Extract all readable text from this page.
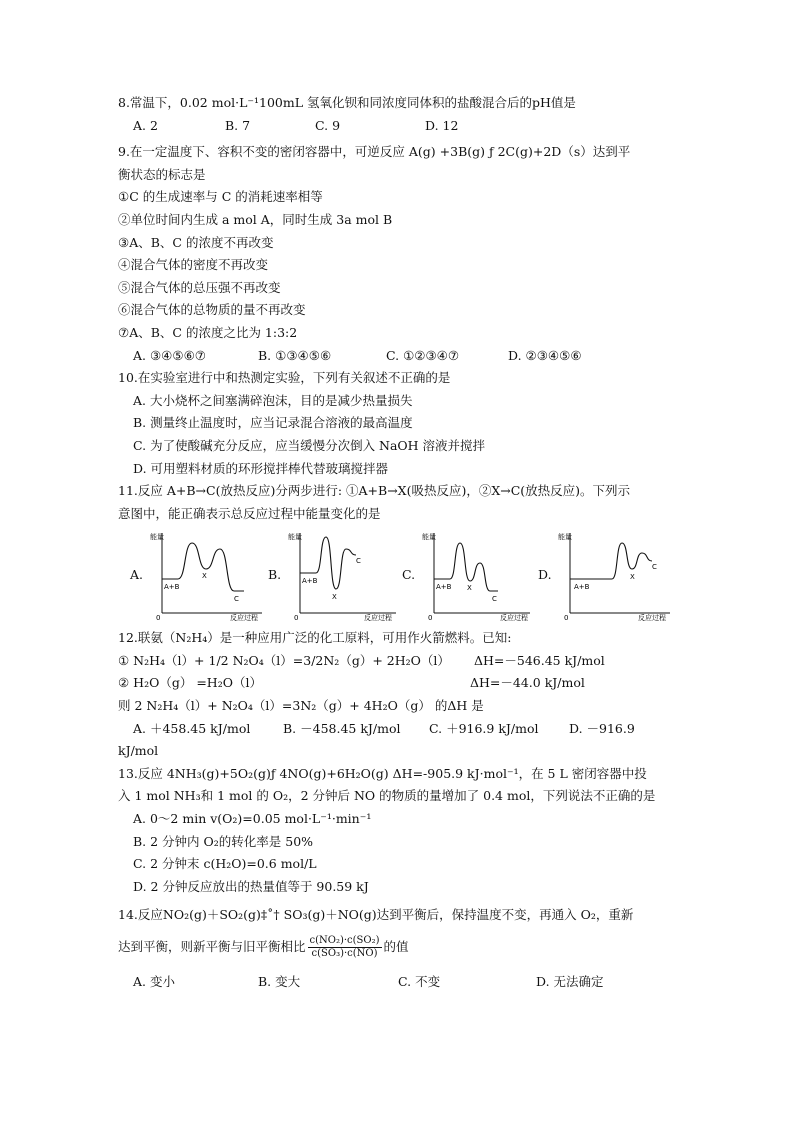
8.常温下，0.02 mol·L⁻¹100mL 氢氧化钡和同浓度同体积的盐酸混合后的pH值是
A. 2	B. 7	C. 9	D. 12
9.在一定温度下、容积不变的密闭容器中，可逆反应 A(g) +3B(g) ƒ 2C(g)+2D（s）达到平
衡状态的标志是
①C 的生成速率与 C 的消耗速率相等
②单位时间内生成 a mol A，同时生成 3a mol B
③A、B、C 的浓度不再改变
④混合气体的密度不再改变
⑤混合气体的总压强不再改变
⑥混合气体的总物质的量不再改变
⑦A、B、C 的浓度之比为 1:3:2
A. ③④⑤⑥⑦	B. ①③④⑤⑥	C. ①②③④⑦	D. ②③④⑤⑥
10.在实验室进行中和热测定实验，下列有关叙述不正确的是
A. 大小烧杯之间塞满碎泡沫，目的是减少热量损失
B. 测量终止温度时，应当记录混合溶液的最高温度
C. 为了使酸碱充分反应，应当缓慢分次倒入 NaOH 溶液并搅拌
D. 可用塑料材质的环形搅拌棒代替玻璃搅拌器
11.反应 A+B→C(放热反应)分两步进行: ①A+B→X(吸热反应)，②X→C(放热反应)。下列示
意图中，能正确表示总反应过程中能量变化的是
A.
能量
0	反应过程
A+B
X
C
B.
能量
0	反应过程
A+B
X
C
C.
能量
0	反应过程
A+B X
C
D.
能量
0	反应过程
A+B
X
C
12.联氨（N₂H₄）是一种应用广泛的化工原料，可用作火箭燃料。已知:
① N₂H₄（l）+ 1/2 N₂O₄（l）=3/2N₂（g）+ 2H₂O（l）	ΔH=－546.45 kJ/mol
② H₂O（g） =H₂O（l）	ΔH=－44.0 kJ/mol
则 2 N₂H₄（l）+ N₂O₄（l）=3N₂（g）+ 4H₂O（g） 的ΔH 是
A. ＋458.45 kJ/mol	B. －458.45 kJ/mol	C. ＋916.9 kJ/mol	D. －916.9
kJ/mol
13.反应 4NH₃(g)+5O₂(g)ƒ 4NO(g)+6H₂O(g) ΔH=-905.9 kJ·mol⁻¹，在 5 L 密闭容器中投
入 1 mol NH₃和 1 mol 的 O₂，2 分钟后 NO 的物质的量增加了 0.4 mol，下列说法不正确的是
A. 0～2 min v(O₂)=0.05 mol·L⁻¹·min⁻¹
B. 2 分钟内 O₂的转化率是 50%
C. 2 分钟末 c(H₂O)=0.6 mol/L
D. 2 分钟反应放出的热量值等于 90.59 kJ
14.反应NO₂(g)＋SO₂(g)‡˚† SO₃(g)＋NO(g)达到平衡后，保持温度不变，再通入 O₂，重新
达到平衡，则新平衡与旧平衡相比 $\frac{\text{c(NO₂)·c(SO₂)}}{\text{c(SO₃)·c(NO)}}$ 的值
A. 变小	B. 变大	C. 不变	D. 无法确定
